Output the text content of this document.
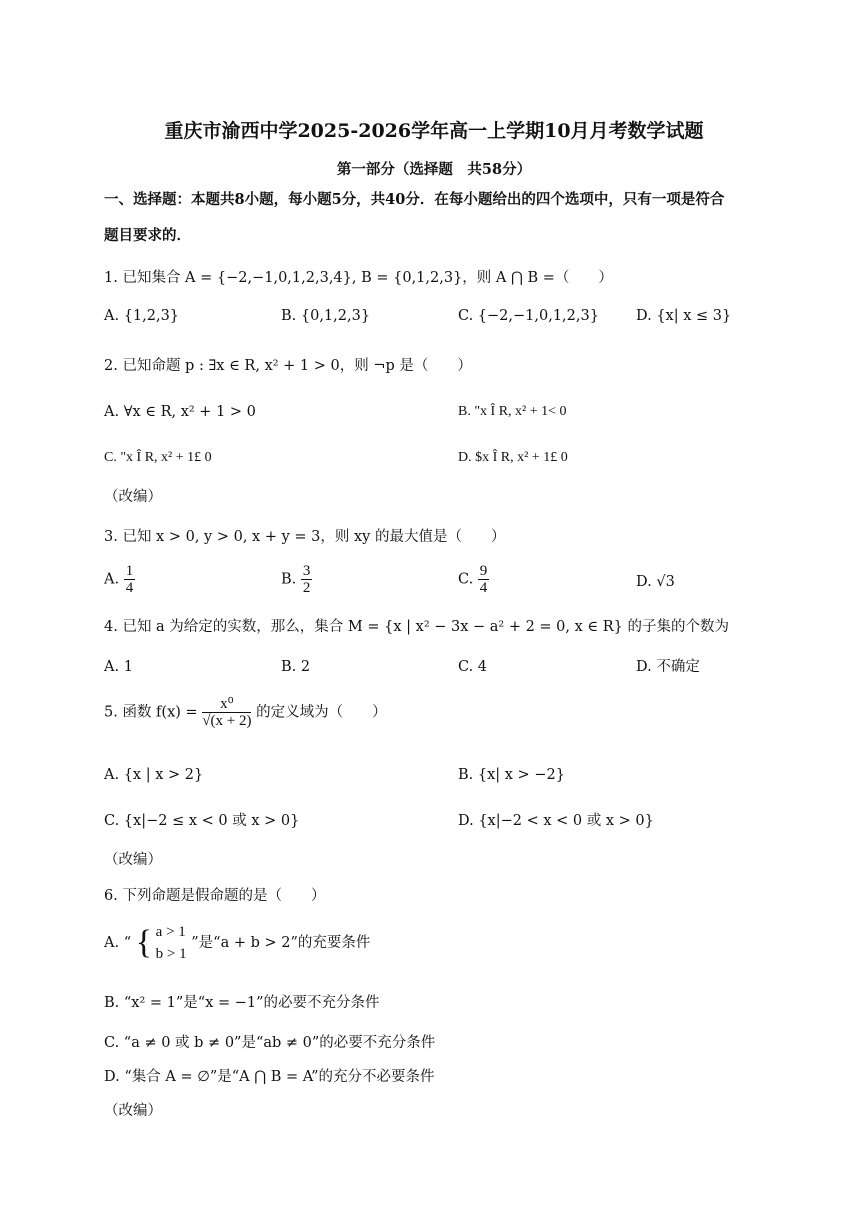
重庆市渝西中学2025-2026学年高一上学期10月月考数学试题
第一部分（选择题　共58分）
一、选择题：本题共8小题，每小题5分，共40分．在每小题给出的四个选项中，只有一项是符合
题目要求的．
1. 已知集合 A = {−2,−1,0,1,2,3,4}, B = {0,1,2,3}，则 A ⋂ B =（　　）
A. {1,2,3}	B. {0,1,2,3}	C. {−2,−1,0,1,2,3}	D. {x| x ≤ 3}
2. 已知命题 p : ∃x ∈ R, x² + 1 > 0，则 ¬p 是（　　）
A. ∀x ∈ R, x² + 1 > 0	B. "x Î R, x² + 1< 0
C. "x Î R, x² + 1£ 0	D. $x Î R, x² + 1£ 0
（改编）
3. 已知 x > 0, y > 0, x + y = 3，则 xy 的最大值是（　　）
A. $\frac{1}{4}$	B. $\frac{3}{2}$	C. $\frac{9}{4}$	D. √3
4. 已知 a 为给定的实数，那么，集合 M = {x | x² − 3x − a² + 2 = 0, x ∈ R} 的子集的个数为
A. 1	B. 2	C. 4	D. 不确定
5. 函数 $f(x) = \frac{\text{x⁰}}{√(x + 2)}$ 的定义域为（　　）
A. {x | x > 2}	B. {x| x > −2}
C. {x|−2 ≤ x < 0 或 x > 0}	D. {x|−2 < x < 0 或 x > 0}
（改编）
6. 下列命题是假命题的是（　　）
A. “ { a > 1
b > 1
”是“a + b > 2”的充要条件
B. “x² = 1”是“x = −1”的必要不充分条件
C. “a ≠ 0 或 b ≠ 0”是“ab ≠ 0”的必要不充分条件
D. “集合 A = ∅”是“A ⋂ B = A”的充分不必要条件
（改编）
